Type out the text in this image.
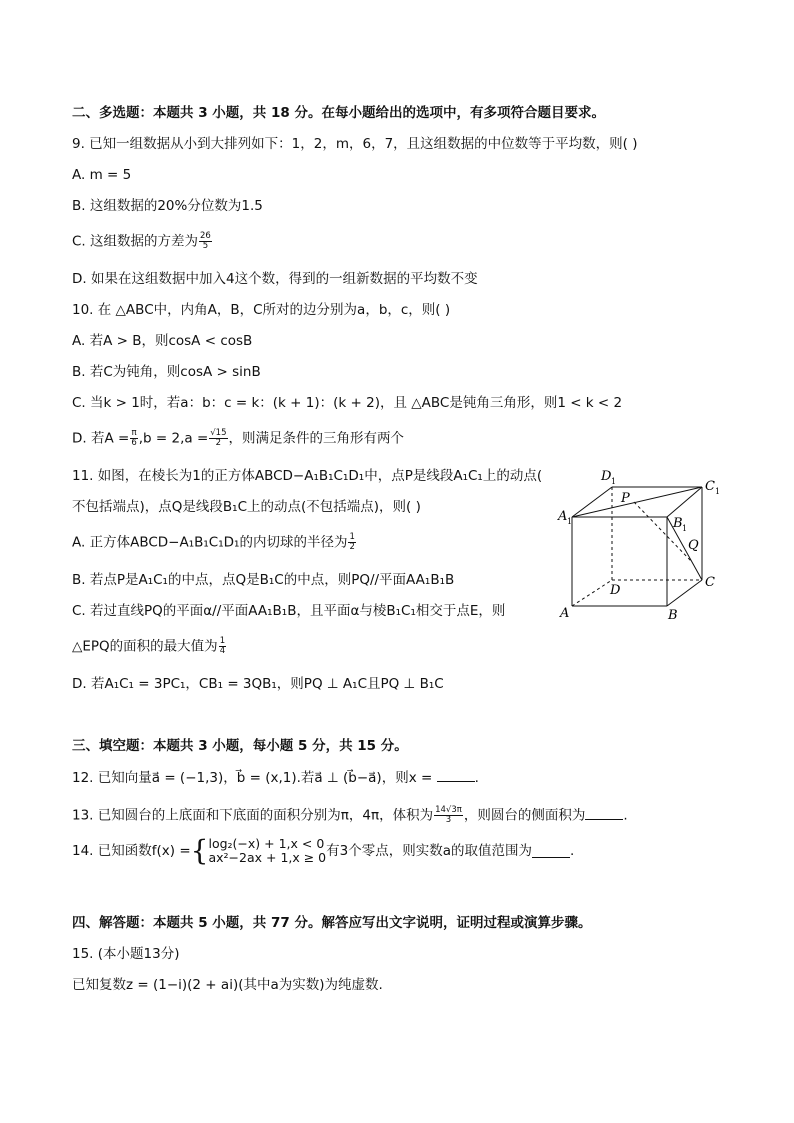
二、多选题：本题共 3 小题，共 18 分。在每小题给出的选项中，有多项符合题目要求。
9. 已知一组数据从小到大排列如下：1，2，m，6，7，且这组数据的中位数等于平均数，则( )
A. m = 5
B. 这组数据的20%分位数为1.5
C. 这组数据的方差为 $\frac{26}{5}$
D. 如果在这组数据中加入4这个数，得到的一组新数据的平均数不变
10. 在 △ABC中，内角A，B，C所对的边分别为a，b，c，则( )
A. 若A > B，则cosA < cosB
B. 若C为钝角，则cosA > sinB
C. 当k > 1时，若a：b：c = k：(k + 1)：(k + 2)，且 △ABC是钝角三角形，则1 < k < 2
D. 若$A = \frac{\pi}{6} ,b = 2,a = \frac{√15}{2}$ ，则满足条件的三角形有两个
11. 如图，在棱长为1的正方体ABCD−A₁B₁C₁D₁中，点P是线段A₁C₁上的动点(
不包括端点)，点Q是线段B₁C上的动点(不包括端点)，则( )
A. 正方体ABCD−A₁B₁C₁D₁的内切球的半径为 $\frac{1}{2}$
B. 若点P是A₁C₁的中点，点Q是B₁C的中点，则PQ//平面AA₁B₁B
C. 若过直线PQ的平面α//平面AA₁B₁B，且平面α与棱B₁C₁相交于点E，则
△EPQ的面积的最大值为 $\frac{1}{4}$
D. 若A₁C₁ = 3PC₁，CB₁ = 3QB₁，则PQ ⊥ A₁C且PQ ⊥ B₁C
A 1
D 1	C 1
B 1
P
Q
A
D
B
C
三、填空题：本题共 3 小题，每小题 5 分，共 15 分。
12. 已知向量a⃗ = (−1,3)，b⃗ = (x,1).若a⃗ ⊥ (b⃗−a⃗)，则x =	.
13. 已知圆台的上底面和下底面的面积分别为π，4π，体积为 $\frac{14√3\pi}{3}$ ，则圆台的侧面积为	.
14. 已知函数f(x) ={ log₂(−x) + 1,x < 0
ax²−2ax + 1,x ≥ 0 有3个零点，则实数a的取值范围为	.
四、解答题：本题共 5 小题，共 77 分。解答应写出文字说明，证明过程或演算步骤。
15. (本小题13分)
已知复数z = (1−i)(2 + ai)(其中a为实数)为纯虚数.
